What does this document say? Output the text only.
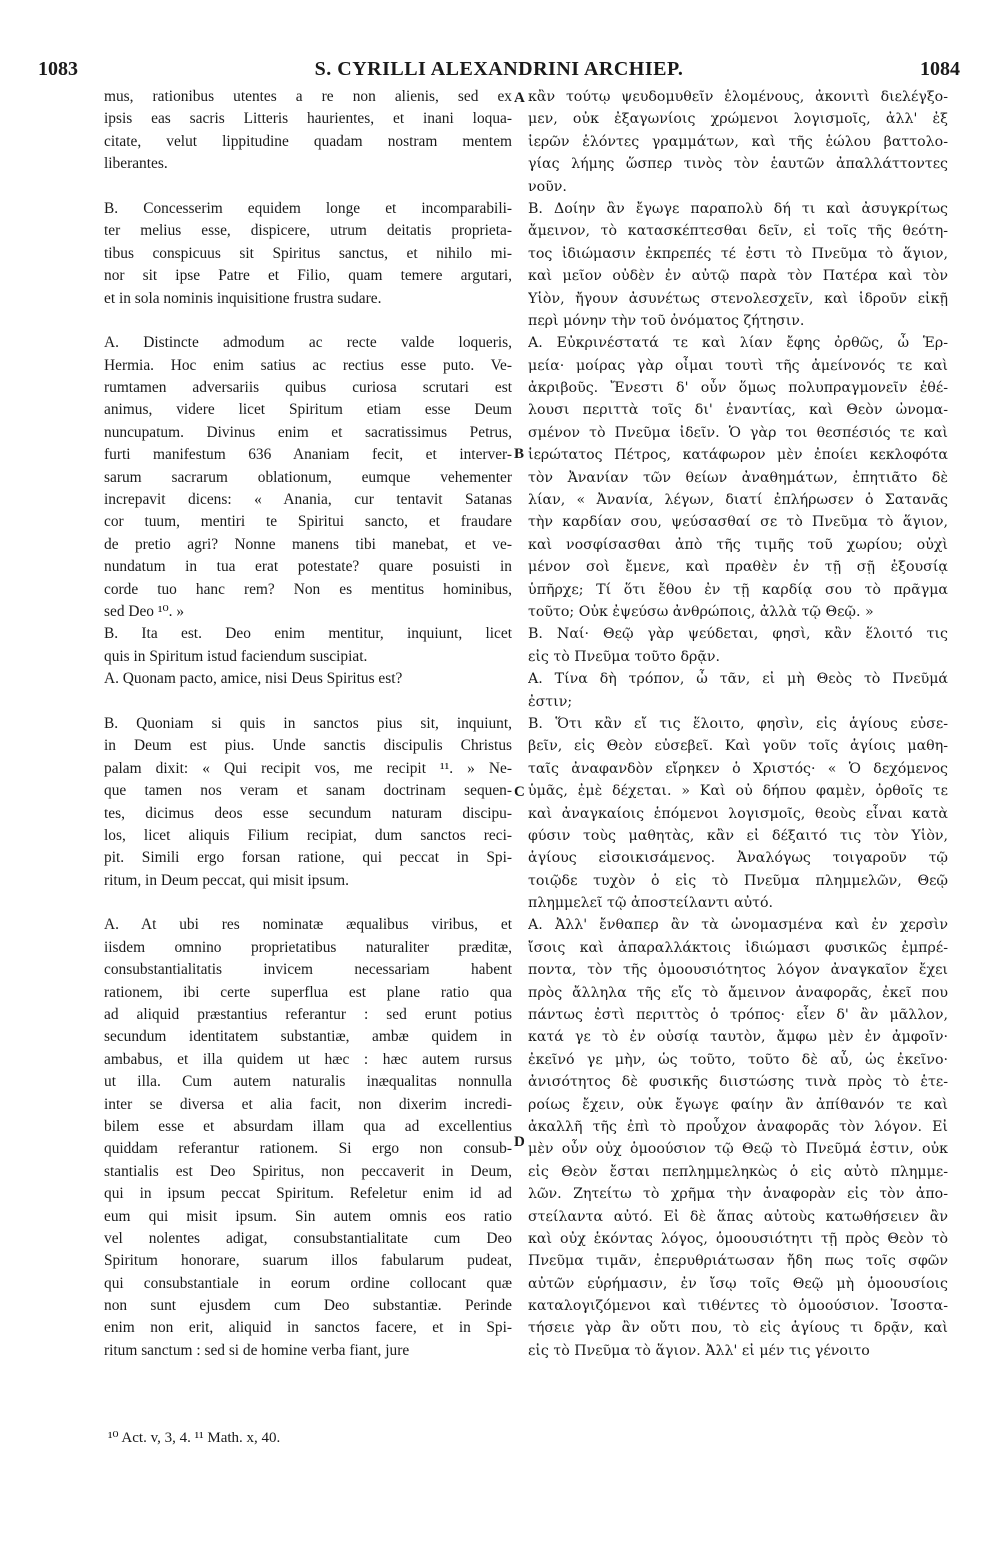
1083	S. CYRILLI ALEXANDRINI ARCHIEP.	1084
mus, rationibus utentes a re non alienis, sed ex
ipsis eas sacris Litteris haurientes, et inani loqua-
citate, velut lippitudine quadam nostram mentem
liberantes.
B. Concesserim equidem longe et incomparabili-
ter melius esse, dispicere, utrum deitatis proprieta-
tibus conspicuus sit Spiritus sanctus, et nihilo mi-
nor sit ipse Patre et Filio, quam temere argutari,
et in sola nominis inquisitione frustra sudare.
A. Distincte admodum ac recte valde loqueris,
Hermia. Hoc enim satius ac rectius esse puto. Ve-
rumtamen adversariis quibus curiosa scrutari est
animus, videre licet Spiritum etiam esse Deum
nuncupatum. Divinus enim et sacratissimus Petrus,
furti manifestum 636 Ananiam fecit, et interver-
sarum sacrarum oblationum, eumque vehementer
increpavit dicens: « Anania, cur tentavit Satanas
cor tuum, mentiri te Spiritui sancto, et fraudare
de pretio agri? Nonne manens tibi manebat, et ve-
nundatum in tua erat potestate? quare posuisti in
corde tuo hanc rem? Non es mentitus hominibus,
sed Deo ¹⁰. »
B. Ita est. Deo enim mentitur, inquiunt, licet
quis in Spiritum istud faciendum suscipiat.
A. Quonam pacto, amice, nisi Deus Spiritus est?
B. Quoniam si quis in sanctos pius sit, inquiunt,
in Deum est pius. Unde sanctis discipulis Christus
palam dixit: « Qui recipit vos, me recipit ¹¹. » Ne-
que tamen nos veram et sanam doctrinam sequen-
tes, dicimus deos esse secundum naturam discipu-
los, licet aliquis Filium recipiat, dum sanctos reci-
pit. Simili ergo forsan ratione, qui peccat in Spi-
ritum, in Deum peccat, qui misit ipsum.
A. At ubi res nominatæ æqualibus viribus, et
iisdem omnino proprietatibus naturaliter præditæ,
consubstantialitatis invicem necessariam habent
rationem, ibi certe superflua est plane ratio qua
ad aliquid præstantius referantur : sed erunt potius
secundum identitatem substantiæ, ambæ quidem in
ambabus, et illa quidem ut hæc : hæc autem rursus
ut illa. Cum autem naturalis inæqualitas nonnulla
inter se diversa et alia facit, non dixerim incredi-
bilem esse et absurdam illam qua ad excellentius
quiddam referantur rationem. Si ergo non consub-
stantialis est Deo Spiritus, non peccaverit in Deum,
qui in ipsum peccat Spiritum. Refeletur enim id ad
eum qui misit ipsum. Sin autem omnis eos ratio
vel nolentes adigat, consubstantialitate cum Deo
Spiritum honorare, suarum illos fabularum pudeat,
qui consubstantiale in eorum ordine collocant quæ
non sunt ejusdem cum Deo substantiæ. Perinde
enim non erit, aliquid in sanctos facere, et in Spi-
ritum sanctum : sed si de homine verba fiant, jure
κἂν τούτῳ ψευδομυθεῖν ἑλομένους, ἀκονιτὶ διελέγξο-
μεν, οὐκ ἐξαγωνίοις χρώμενοι λογισμοῖς, ἀλλ' ἐξ
ἱερῶν ἑλόντες γραμμάτων, καὶ τῆς ἑώλου βαττολο-
γίας λήμης ὥσπερ τινὸς τὸν ἑαυτῶν ἀπαλλάττοντες
νοῦν.
Β. Δοίην ἂν ἔγωγε παραπολὺ δή τι καὶ ἀσυγκρίτως
ἄμεινον, τὸ κατασκέπτεσθαι δεῖν, εἰ τοῖς τῆς θεότη-
τος ἰδιώμασιν ἐκπρεπές τέ ἐστι τὸ Πνεῦμα τὸ ἅγιον,
καὶ μεῖον οὐδὲν ἐν αὐτῷ παρὰ τὸν Πατέρα καὶ τὸν
Υἱὸν, ἤγουν ἀσυνέτως στενολεσχεῖν, καὶ ἱδροῦν εἰκῇ
περὶ μόνην τὴν τοῦ ὀνόματος ζήτησιν.
Α. Εὐκρινέστατά τε καὶ λίαν ἔφης ὀρθῶς, ὦ Ἑρ-
μεία· μοίρας γὰρ οἶμαι τουτὶ τῆς ἀμείνονός τε καὶ
ἀκριβοῦς. Ἔνεστι δ' οὖν ὅμως πολυπραγμονεῖν ἐθέ-
λουσι περιττὰ τοῖς δι' ἐναντίας, καὶ Θεὸν ὠνομα-
σμένον τὸ Πνεῦμα ἰδεῖν. Ὁ γὰρ τοι θεσπέσιός τε καὶ
ἱερώτατος Πέτρος, κατάφωρον μὲν ἐποίει κεκλοφότα
τὸν Ἀνανίαν τῶν θείων ἀναθημάτων, ἐπητιᾶτο δὲ
λίαν, « Ἀνανία, λέγων, διατί ἐπλήρωσεν ὁ Σατανᾶς
τὴν καρδίαν σου, ψεύσασθαί σε τὸ Πνεῦμα τὸ ἅγιον,
καὶ νοσφίσασθαι ἀπὸ τῆς τιμῆς τοῦ χωρίου; οὐχὶ
μένον σοὶ ἔμενε, καὶ πραθὲν ἐν τῇ σῇ ἐξουσίᾳ
ὑπῆρχε; Τί ὅτι ἔθου ἐν τῇ καρδίᾳ σου τὸ πρᾶγμα
τοῦτο; Οὐκ ἐψεύσω ἀνθρώποις, ἀλλὰ τῷ Θεῷ. »
Β. Ναί· Θεῷ γὰρ ψεύδεται, φησὶ, κἂν ἕλοιτό τις
εἰς τὸ Πνεῦμα τοῦτο δρᾷν.
Α. Τίνα δὴ τρόπον, ὦ τᾶν, εἰ μὴ Θεὸς τὸ Πνεῦμά
ἐστιν;
Β. Ὅτι κἂν εἴ τις ἕλοιτο, φησὶν, εἰς ἁγίους εὐσε-
βεῖν, εἰς Θεὸν εὐσεβεῖ. Καὶ γοῦν τοῖς ἁγίοις μαθη-
ταῖς ἀναφανδὸν εἴρηκεν ὁ Χριστός· « Ὁ δεχόμενος
ὑμᾶς, ἐμὲ δέχεται. » Καὶ οὐ δήπου φαμὲν, ὀρθοῖς τε
καὶ ἀναγκαίοις ἑπόμενοι λογισμοῖς, θεοὺς εἶναι κατὰ
φύσιν τοὺς μαθητὰς, κἂν εἰ δέξαιτό τις τὸν Υἱὸν,
ἁγίους εἰσοικισάμενος. Ἀναλόγως τοιγαροῦν τῷ
τοιῷδε τυχὸν ὁ εἰς τὸ Πνεῦμα πλημμελῶν, Θεῷ
πλημμελεῖ τῷ ἀποστείλαντι αὐτό.
Α. Ἀλλ' ἔνθαπερ ἂν τὰ ὠνομασμένα καὶ ἐν χερσὶν
ἴσοις καὶ ἀπαραλλάκτοις ἰδιώμασι φυσικῶς ἐμπρέ-
ποντα, τὸν τῆς ὁμοουσιότητος λόγον ἀναγκαῖον ἔχει
πρὸς ἄλληλα τῆς εἴς τὸ ἄμεινον ἀναφορᾶς, ἐκεῖ που
πάντως ἐστὶ περιττὸς ὁ τρόπος· εἶεν δ' ἂν μᾶλλον,
κατά γε τὸ ἐν οὐσίᾳ ταυτὸν, ἄμφω μὲν ἐν ἀμφοῖν·
ἐκεῖνό γε μὴν, ὡς τοῦτο, τοῦτο δὲ αὖ, ὡς ἐκεῖνο·
ἀνισότητος δὲ φυσικῆς διιστώσης τινὰ πρὸς τὸ ἑτε-
ροίως ἔχειν, οὐκ ἔγωγε φαίην ἂν ἀπίθανόν τε καὶ
ἀκαλλῆ τῆς ἐπὶ τὸ προὖχον ἀναφορᾶς τὸν λόγον. Εἰ
μὲν οὖν οὐχ ὁμοούσιον τῷ Θεῷ τὸ Πνεῦμά ἐστιν, οὐκ
εἰς Θεὸν ἔσται πεπλημμεληκὼς ὁ εἰς αὐτὸ πλημμε-
λῶν. Ζητείτω τὸ χρῆμα τὴν ἀναφορὰν εἰς τὸν ἀπο-
στείλαντα αὐτό. Εἰ δὲ ἅπας αὐτοὺς κατωθήσειεν ἂν
καὶ οὐχ ἑκόντας λόγος, ὁμοουσιότητι τῇ πρὸς Θεὸν τὸ
Πνεῦμα τιμᾶν, ἐπερυθριάτωσαν ἤδη πως τοῖς σφῶν
αὐτῶν εὑρήμασιν, ἐν ἴσῳ τοῖς Θεῷ μὴ ὁμοουσίοις
καταλογιζόμενοι καὶ τιθέντες τὸ ὁμοούσιον. Ἰσοστα-
τήσειε γὰρ ἂν οὔτι που, τὸ εἰς ἁγίους τι δρᾷν, καὶ
εἰς τὸ Πνεῦμα τὸ ἅγιον. Ἀλλ' εἰ μέν τις γένοιτο
A
B
C
D
¹⁰ Act. v, 3, 4. ¹¹ Math. x, 40.
